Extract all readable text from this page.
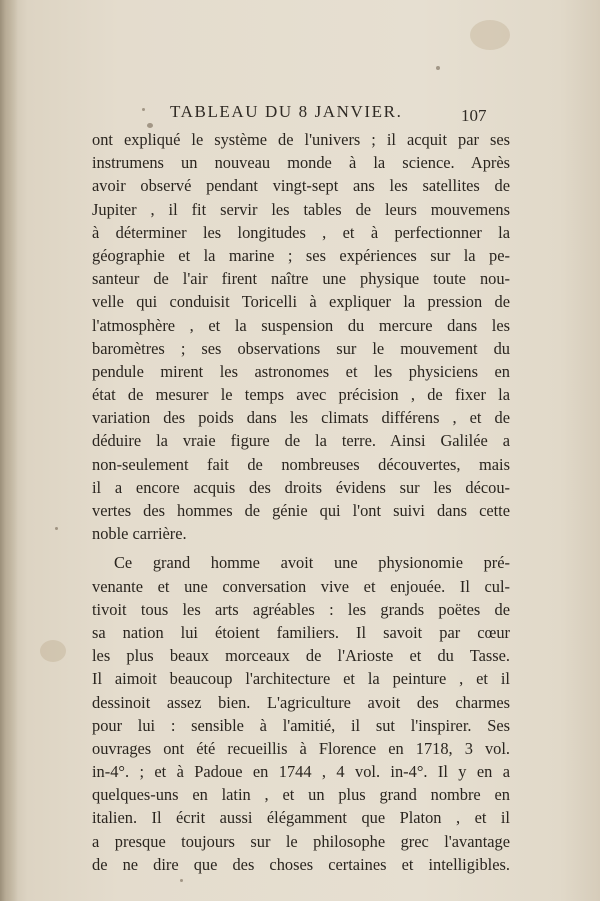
TABLEAU DU 8 JANVIER.	107
ont expliqué le système de l'univers ; il acquit par ses
instrumens un nouveau monde à la science. Après
avoir observé pendant vingt-sept ans les satellites de
Jupiter , il fit servir les tables de leurs mouvemens
à déterminer les longitudes , et à perfectionner la
géographie et la marine ; ses expériences sur la pe-
santeur de l'air firent naître une physique toute nou-
velle qui conduisit Toricelli à expliquer la pression de
l'atmosphère , et la suspension du mercure dans les
baromètres ; ses observations sur le mouvement du
pendule mirent les astronomes et les physiciens en
état de mesurer le temps avec précision , de fixer la
variation des poids dans les climats différens , et de
déduire la vraie figure de la terre. Ainsi Galilée a
non-seulement fait de nombreuses découvertes, mais
il a encore acquis des droits évidens sur les décou-
vertes des hommes de génie qui l'ont suivi dans cette
noble carrière.
Ce grand homme avoit une physionomie pré-
venante et une conversation vive et enjouée. Il cul-
tivoit tous les arts agréables : les grands poëtes de
sa nation lui étoient familiers. Il savoit par cœur
les plus beaux morceaux de l'Arioste et du Tasse.
Il aimoit beaucoup l'architecture et la peinture , et il
dessinoit assez bien. L'agriculture avoit des charmes
pour lui : sensible à l'amitié, il sut l'inspirer. Ses
ouvrages ont été recueillis à Florence en 1718, 3 vol.
in-4°. ; et à Padoue en 1744 , 4 vol. in-4°. Il y en a
quelques-uns en latin , et un plus grand nombre en
italien. Il écrit aussi élégamment que Platon , et il
a presque toujours sur le philosophe grec l'avantage
de ne dire que des choses certaines et intelligibles.
